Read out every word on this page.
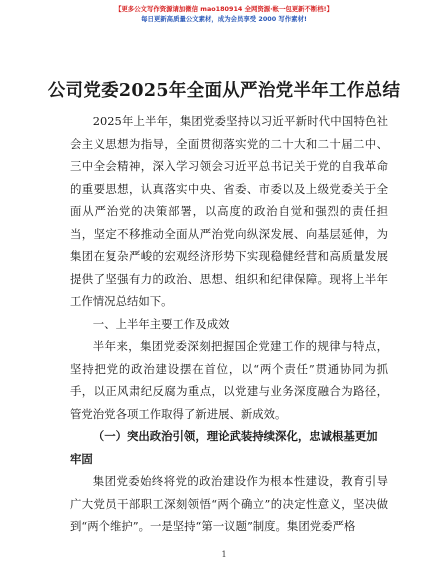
【更多公文写作资源请加微信 mao180914 全网资源·帐一包更新不断档!】
每日更新高质量公文素材，成为会员享受 2000 写作素材!
公司党委2025年全面从严治党半年工作总结

2025年上半年，集团党委坚持以习近平新时代中国特色社会主义思想为指导，全面贯彻落实党的二十大和二十届二中、三中全会精神，深入学习领会习近平总书记关于党的自我革命的重要思想，认真落实中央、省委、市委以及上级党委关于全面从严治党的决策部署，以高度的政治自觉和强烈的责任担当，坚定不移推动全面从严治党向纵深发展、向基层延伸，为集团在复杂严峻的宏观经济形势下实现稳健经营和高质量发展提供了坚强有力的政治、思想、组织和纪律保障。现将上半年工作情况总结如下。

一、上半年主要工作及成效

半年来，集团党委深刻把握国企党建工作的规律与特点，坚持把党的政治建设摆在首位，以“两个责任”贯通协同为抓手，以正风肃纪反腐为重点，以党建与业务深度融合为路径，管党治党各项工作取得了新进展、新成效。

（一）突出政治引领，理论武装持续深化，忠诚根基更加牢固

集团党委始终将党的政治建设作为根本性建设，教育引导广大党员干部职工深刻领悟“两个确立”的决定性意义，坚决做到“两个维护”。一是坚持“第一议题”制度。集团党委严格

1
